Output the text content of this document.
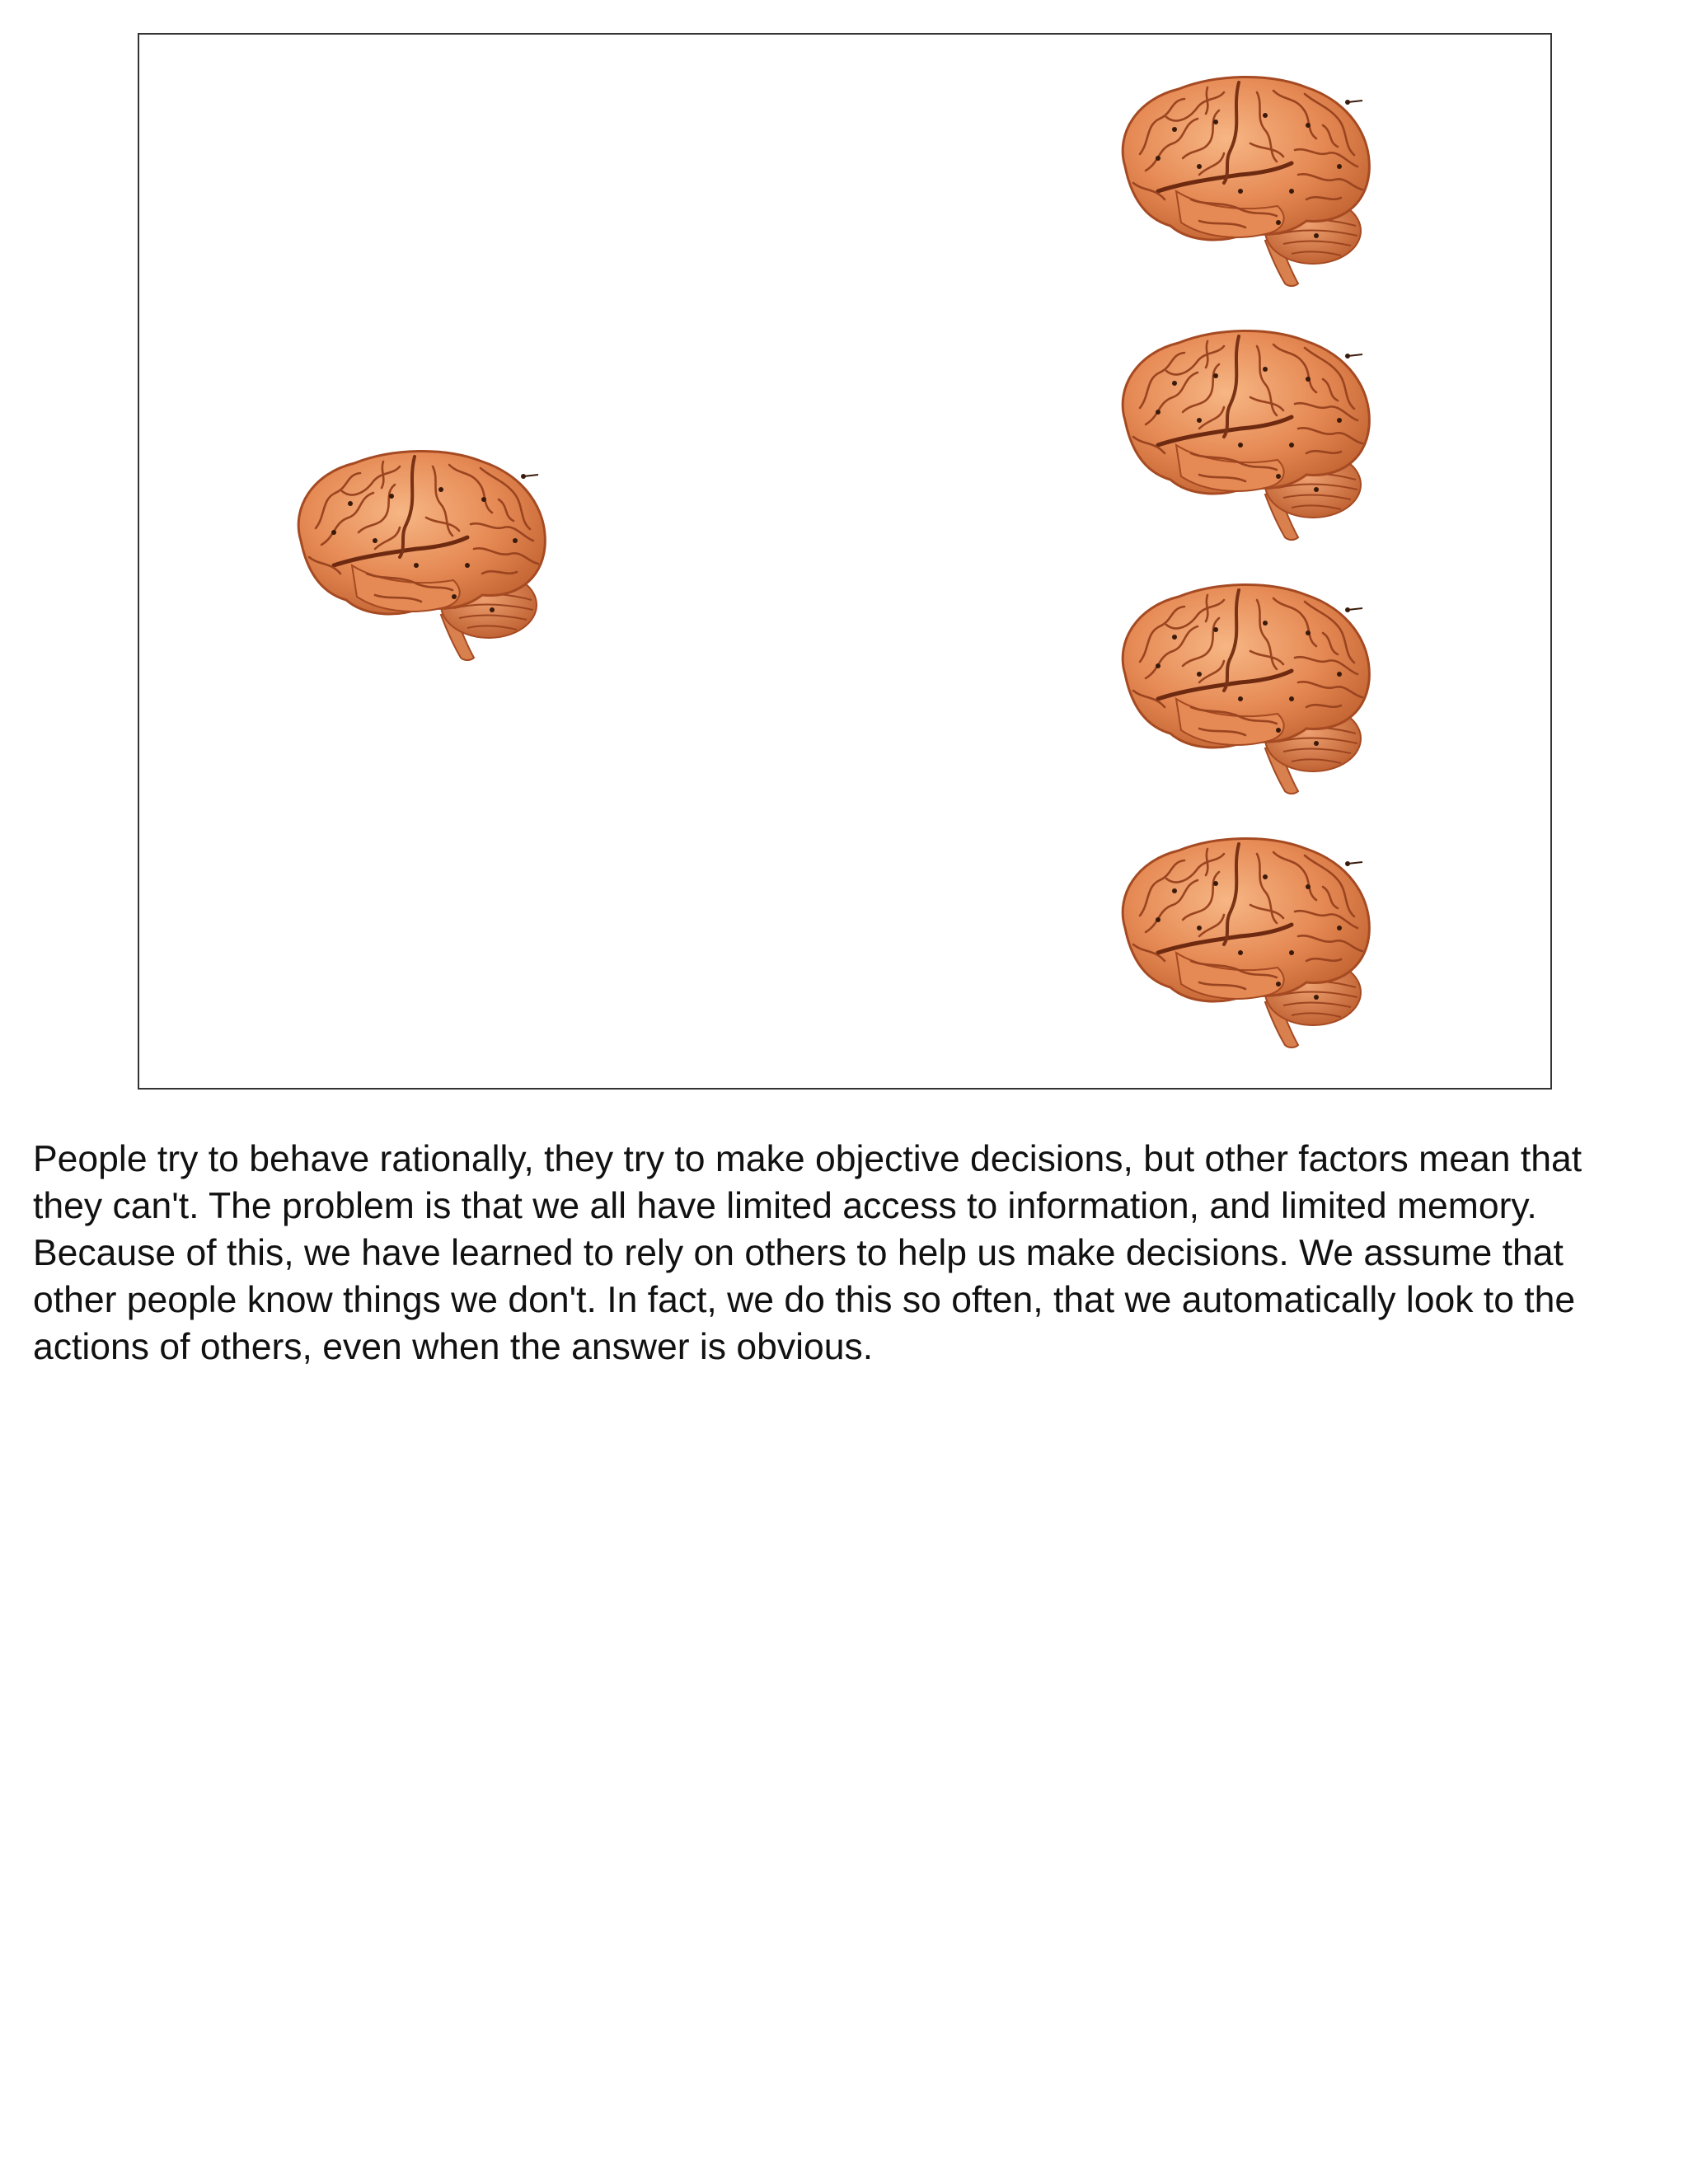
People try to behave rationally, they try to make objective decisions, but other factors mean that they can't. The problem is that we all have limited access to information, and limited memory. Because of this, we have learned to rely on others to help us make decisions. We assume that other people know things we don't. In fact, we do this so often, that we automatically look to the actions of others, even when the answer is obvious.
